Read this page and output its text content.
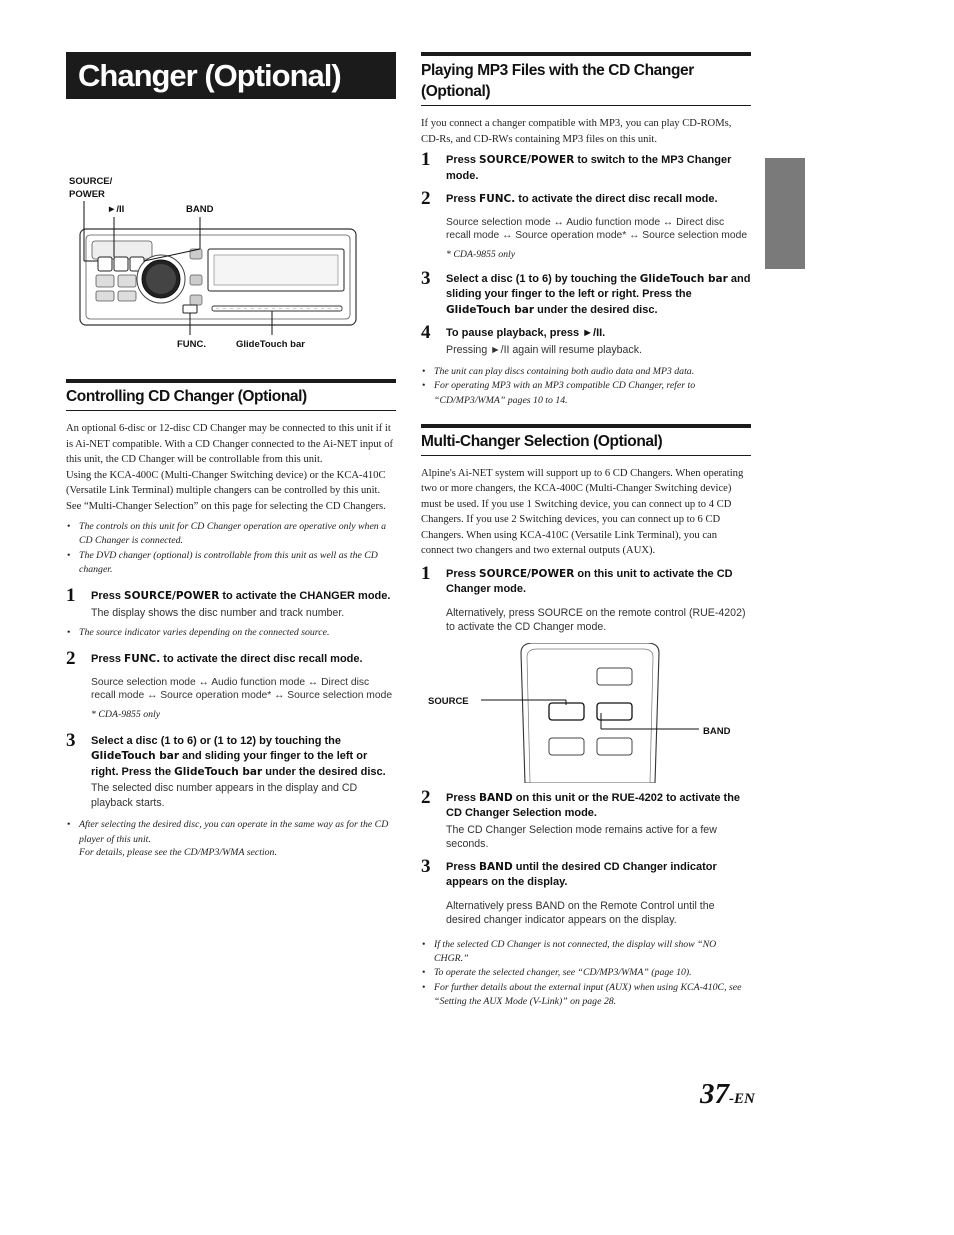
Changer (Optional)
SOURCE/
POWER
►/II	BAND
FUNC.	GlideTouch bar
Controlling CD Changer (Optional)

An optional 6-disc or 12-disc CD Changer may be connected to this unit if it is Ai-NET compatible. With a CD Changer connected to the Ai-NET input of this unit, the CD Changer will be controllable from this unit.

Using the KCA-400C (Multi-Changer Switching device) or the KCA-410C (Versatile Link Terminal) multiple changers can be controlled by this unit.

See “Multi-Changer Selection” on this page for selecting the CD Changers.

• The controls on this unit for CD Changer operation are operative only when a CD Changer is connected.
• The DVD changer (optional) is controllable from this unit as well as the CD changer.
1 Press SOURCE/POWER to activate the CHANGER mode.
The display shows the disc number and track number.
• The source indicator varies depending on the connected source.
2 Press FUNC. to activate the direct disc recall mode.
Source selection mode ↔ Audio function mode ↔ Direct disc recall mode ↔ Source operation mode* ↔ Source selection mode
* CDA-9855 only
3 Select a disc (1 to 6) or (1 to 12) by touching the GlideTouch bar and sliding your finger to the left or right. Press the GlideTouch bar under the desired disc.
The selected disc number appears in the display and CD playback starts.
• After selecting the desired disc, you can operate in the same way as for the CD player of this unit.
For details, please see the CD/MP3/WMA section.
Playing MP3 Files with the CD Changer
(Optional)

If you connect a changer compatible with MP3, you can play CD-ROMs, CD-Rs, and CD-RWs containing MP3 files on this unit.

1 Press SOURCE/POWER to switch to the MP3 Changer mode.
2 Press FUNC. to activate the direct disc recall mode.
Source selection mode ↔ Audio function mode ↔ Direct disc recall mode ↔ Source operation mode* ↔ Source selection mode
* CDA-9855 only
3 Select a disc (1 to 6) by touching the GlideTouch bar and sliding your finger to the left or right. Press the GlideTouch bar under the desired disc.
4 To pause playback, press ►/II.
Pressing ►/II again will resume playback.
• The unit can play discs containing both audio data and MP3 data.
• For operating MP3 with an MP3 compatible CD Changer, refer to “CD/MP3/WMA” pages 10 to 14.
Multi-Changer Selection (Optional)

Alpine's Ai-NET system will support up to 6 CD Changers. When operating two or more changers, the KCA-400C (Multi-Changer Switching device) must be used. If you use 1 Switching device, you can connect up to 4 CD Changers. If you use 2 Switching devices, you can connect up to 6 CD Changers. When using KCA-410C (Versatile Link Terminal), you can connect two changers and two external outputs (AUX).

1 Press SOURCE/POWER on this unit to activate the CD Changer mode.
Alternatively, press SOURCE on the remote control (RUE-4202) to activate the CD Changer mode.
SOURCE
BAND
2 Press BAND on this unit or the RUE-4202 to activate the CD Changer Selection mode.
The CD Changer Selection mode remains active for a few seconds.
3 Press BAND until the desired CD Changer indicator appears on the display.
Alternatively press BAND on the Remote Control until the desired changer indicator appears on the display.
• If the selected CD Changer is not connected, the display will show “NO CHGR.”
• To operate the selected changer, see “CD/MP3/WMA” (page 10).
• For further details about the external input (AUX) when using KCA-410C, see “Setting the AUX Mode (V-Link)” on page 28.
37-EN
